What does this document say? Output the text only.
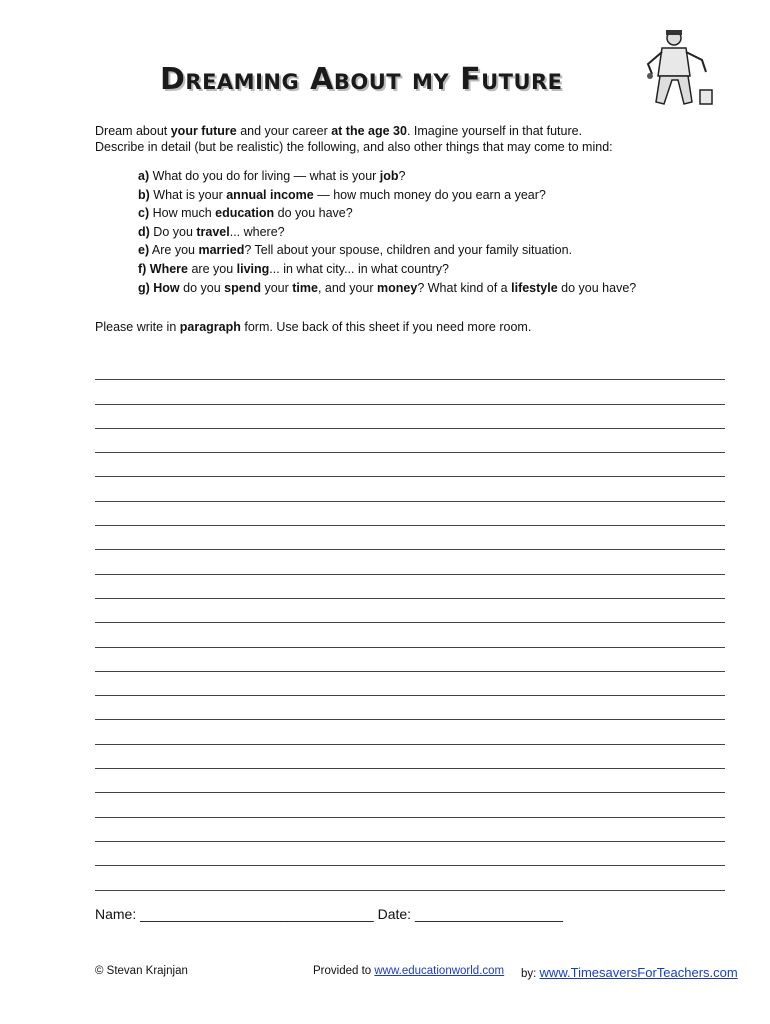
Dreaming About my Future

Dream about your future and your career at the age 30. Imagine yourself in that future.

Describe in detail (but be realistic) the following, and also other things that may come to mind:

a) What do you do for living — what is your job?
b) What is your annual income — how much money do you earn a year?
c) How much education do you have?
d) Do you travel... where?
e) Are you married? Tell about your spouse, children and your family situation.
f) Where are you living... in what city... in what country?
g) How do you spend your time, and your money? What kind of a lifestyle do you have?
Please write in paragraph form. Use back of this sheet if you need more room.
Name: ______________________________ Date: ___________________
© Stevan Krajnjan	Provided to www.educationworld.com by: www.TimesaversForTeachers.com
